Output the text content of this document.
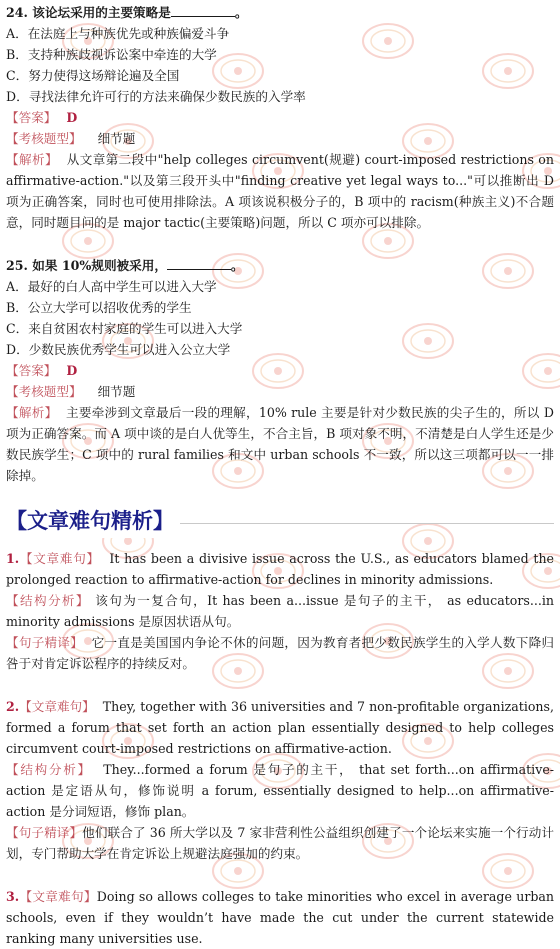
24. 该论坛采用的主要策略是	。
A．在法庭上与种族优先或种族偏爱斗争
B．支持种族歧视诉讼案中牵连的大学
C．努力使得这场辩论遍及全国
D．寻找法律允许可行的方法来确保少数民族的入学率
【答案】 D
【考核题型】 细节题
【解析】 从文章第二段中"help colleges circumvent(规避) court-imposed restrictions on affirmative-action."以及第三段开头中"finding creative yet legal ways to..."可以推断出 D 项为正确答案，同时也可使用排除法。A 项该说积极分子的，B 项中的 racism(种族主义)不合题意，同时题目问的是 major tactic(主要策略)问题，所以 C 项亦可以排除。
25. 如果 10%规则被采用，	。
A．最好的白人高中学生可以进入大学
B．公立大学可以招收优秀的学生
C．来自贫困农村家庭的学生可以进入大学
D．少数民族优秀学生可以进入公立大学
【答案】 D
【考核题型】 细节题
【解析】 主要牵涉到文章最后一段的理解，10% rule 主要是针对少数民族的尖子生的，所以 D 项为正确答案。而 A 项中谈的是白人优等生，不合主旨，B 项对象不明，不清楚是白人学生还是少数民族学生；C 项中的 rural families 和文中 urban schools 不一致，所以这三项都可以一一排除掉。
【文章难句精析】
1.【文章难句】 It has been a divisive issue across the U.S., as educators blamed the prolonged reaction to affirmative-action for declines in minority admissions.
【结构分析】 该句为一复合句，It has been a...issue 是句子的主干， as educators...in minority admissions 是原因状语从句。
【句子精译】 它一直是美国国内争论不休的问题，因为教育者把少数民族学生的入学人数下降归咎于对肯定诉讼程序的持续反对。
2.【文章难句】 They, together with 36 universities and 7 non-profitable organizations, formed a forum that set forth an action plan essentially designed to help colleges circumvent court-imposed restrictions on affirmative-action.
【结构分析】 They...formed a forum 是句子的主干， that set forth...on affirmative-action 是定语从句，修饰说明 a forum, essentially designed to help...on affirmative-action 是分词短语，修饰 plan。
【句子精译】他们联合了 36 所大学以及 7 家非营利性公益组织创建了一个论坛来实施一个行动计划，专门帮助大学在肯定诉讼上规避法庭强加的约束。
3.【文章难句】Doing so allows colleges to take minorities who excel in average urban schools, even if they wouldn’t have made the cut under the current statewide ranking many universities use.
